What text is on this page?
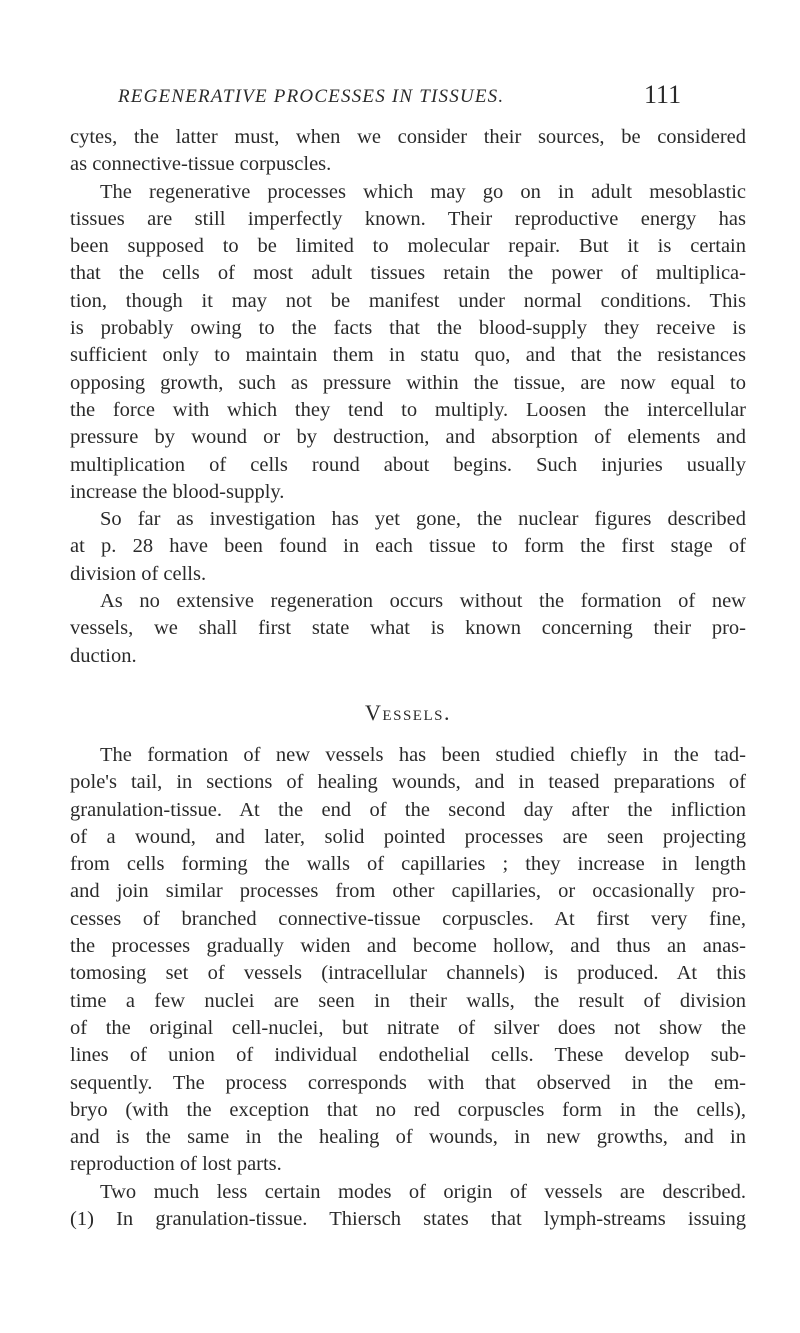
REGENERATIVE PROCESSES IN TISSUES.	111
cytes, the latter must, when we consider their sources, be considered
as connective-tissue corpuscles.
The regenerative processes which may go on in adult mesoblastic
tissues are still imperfectly known. Their reproductive energy has
been supposed to be limited to molecular repair. But it is certain
that the cells of most adult tissues retain the power of multiplica-
tion, though it may not be manifest under normal conditions. This
is probably owing to the facts that the blood-supply they receive is
sufficient only to maintain them in statu quo, and that the resistances
opposing growth, such as pressure within the tissue, are now equal to
the force with which they tend to multiply. Loosen the intercellular
pressure by wound or by destruction, and absorption of elements and
multiplication of cells round about begins. Such injuries usually
increase the blood-supply.
So far as investigation has yet gone, the nuclear figures described
at p. 28 have been found in each tissue to form the first stage of
division of cells.
As no extensive regeneration occurs without the formation of new
vessels, we shall first state what is known concerning their pro-
duction.
Vessels.
The formation of new vessels has been studied chiefly in the tad-
pole's tail, in sections of healing wounds, and in teased preparations of
granulation-tissue. At the end of the second day after the infliction
of a wound, and later, solid pointed processes are seen projecting
from cells forming the walls of capillaries ; they increase in length
and join similar processes from other capillaries, or occasionally pro-
cesses of branched connective-tissue corpuscles. At first very fine,
the processes gradually widen and become hollow, and thus an anas-
tomosing set of vessels (intracellular channels) is produced. At this
time a few nuclei are seen in their walls, the result of division
of the original cell-nuclei, but nitrate of silver does not show the
lines of union of individual endothelial cells. These develop sub-
sequently. The process corresponds with that observed in the em-
bryo (with the exception that no red corpuscles form in the cells),
and is the same in the healing of wounds, in new growths, and in
reproduction of lost parts.
Two much less certain modes of origin of vessels are described.
(1) In granulation-tissue. Thiersch states that lymph-streams issuing
